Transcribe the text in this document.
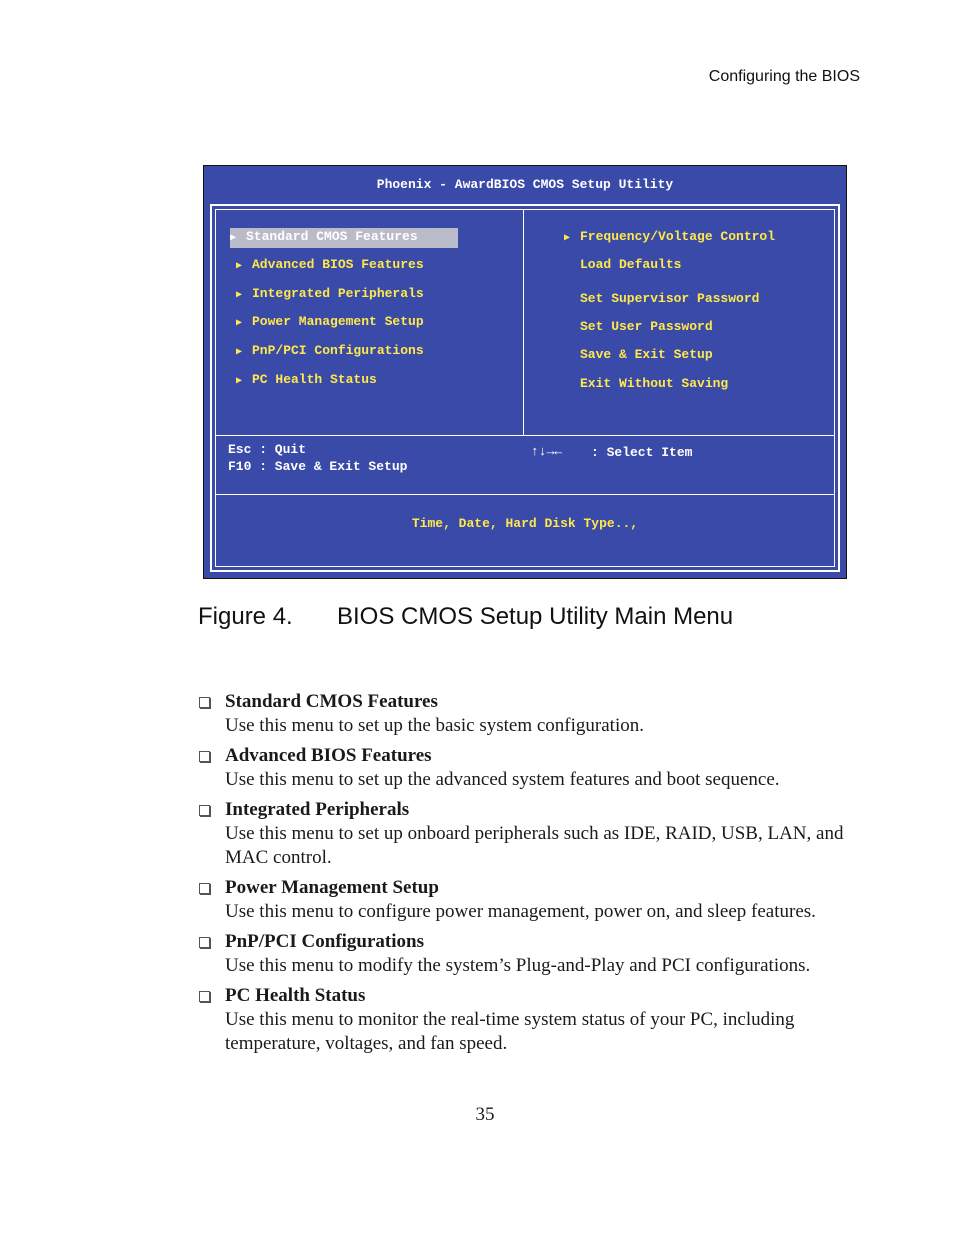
Configuring the BIOS
Phoenix - AwardBIOS CMOS Setup Utility
▶ Standard CMOS Features
▶ Advanced BIOS Features
▶ Integrated Peripherals
▶ Power Management Setup
▶ PnP/PCI Configurations
▶ PC Health Status
▶ Frequency/Voltage Control
Load Defaults
Set Supervisor Password
Set User Password
Save & Exit Setup
Exit Without Saving
Esc : Quit
F10 : Save & Exit Setup
↑↓→← : Select Item
Time, Date, Hard Disk Type..,
Figure 4. BIOS CMOS Setup Utility Main Menu
Standard CMOS Features
Use this menu to set up the basic system configuration.
Advanced BIOS Features
Use this menu to set up the advanced system features and boot sequence.
Integrated Peripherals
Use this menu to set up onboard peripherals such as IDE, RAID, USB, LAN, and MAC control.
Power Management Setup
Use this menu to configure power management, power on, and sleep features.
PnP/PCI Configurations
Use this menu to modify the system’s Plug-and-Play and PCI configurations.
PC Health Status
Use this menu to monitor the real-time system status of your PC, including temperature, voltages, and fan speed.
35
